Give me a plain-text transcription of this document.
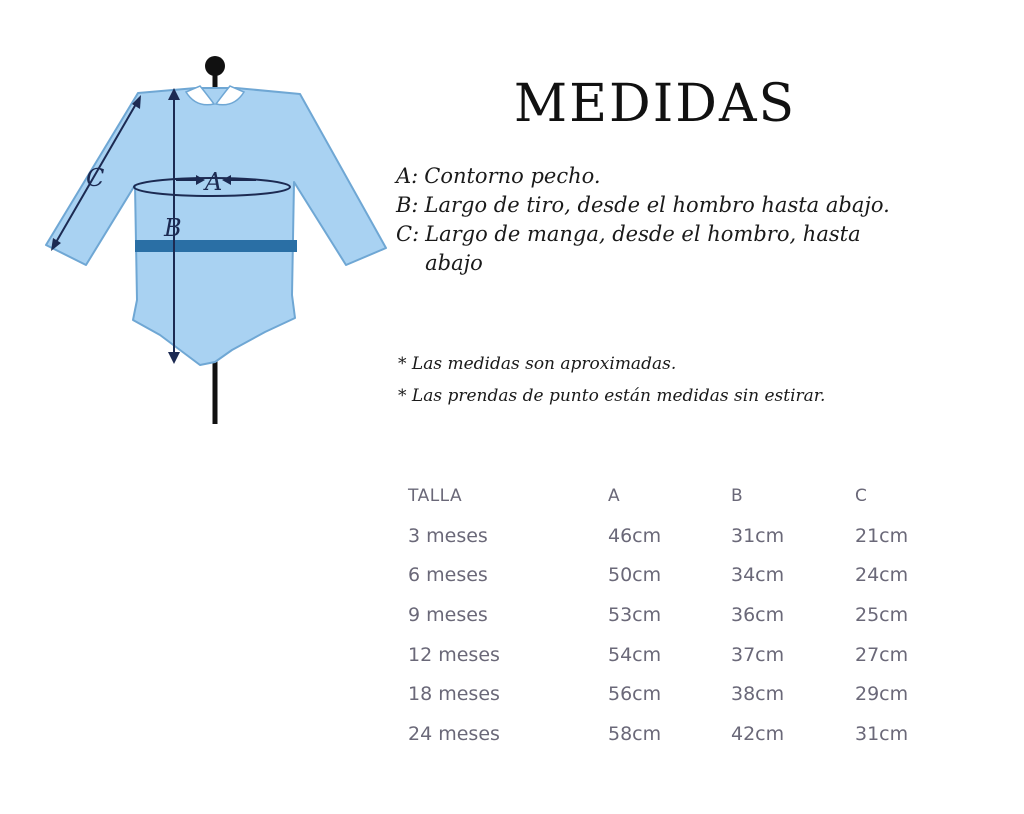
A
B
C
MEDIDAS
A: Contorno pecho.
B: Largo de tiro, desde el hombro hasta abajo.
C: Largo de manga, desde el hombro, hasta abajo
* Las medidas son aproximadas.
* Las prendas de punto están medidas sin estirar.
TALLA	A	B	C
3 meses	46cm	31cm	21cm
6 meses	50cm	34cm	24cm
9 meses	53cm	36cm	25cm
12 meses	54cm	37cm	27cm
18 meses	56cm	38cm	29cm
24 meses	58cm	42cm	31cm
